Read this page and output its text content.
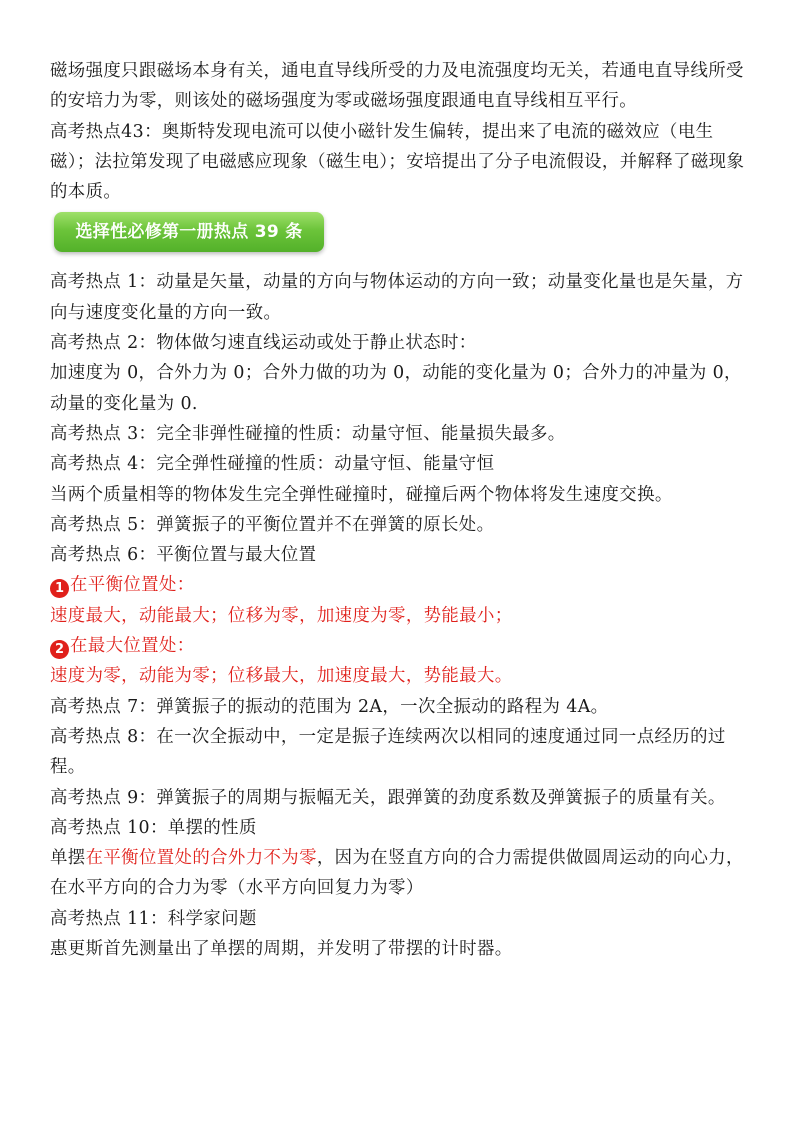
磁场强度只跟磁场本身有关，通电直导线所受的力及电流强度均无关，若通电直导线所受的安培力为零，则该处的磁场强度为零或磁场强度跟通电直导线相互平行。

高考热点43：奥斯特发现电流可以使小磁针发生偏转，提出来了电流的磁效应（电生磁）；法拉第发现了电磁感应现象（磁生电）；安培提出了分子电流假设，并解释了磁现象的本质。

选择性必修第一册热点 39 条

高考热点 1：动量是矢量，动量的方向与物体运动的方向一致；动量变化量也是矢量，方向与速度变化量的方向一致。

高考热点 2：物体做匀速直线运动或处于静止状态时：

加速度为 0，合外力为 0；合外力做的功为 0，动能的变化量为 0；合外力的冲量为 0，动量的变化量为 0.

高考热点 3：完全非弹性碰撞的性质：动量守恒、能量损失最多。

高考热点 4：完全弹性碰撞的性质：动量守恒、能量守恒

当两个质量相等的物体发生完全弹性碰撞时，碰撞后两个物体将发生速度交换。

高考热点 5：弹簧振子的平衡位置并不在弹簧的原长处。

高考热点 6：平衡位置与最大位置

1 在平衡位置处：

速度最大，动能最大；位移为零，加速度为零，势能最小；

2 在最大位置处：

速度为零，动能为零；位移最大，加速度最大，势能最大。

高考热点 7：弹簧振子的振动的范围为 2A，一次全振动的路程为 4A。

高考热点 8：在一次全振动中，一定是振子连续两次以相同的速度通过同一点经历的过程。

高考热点 9：弹簧振子的周期与振幅无关，跟弹簧的劲度系数及弹簧振子的质量有关。

高考热点 10：单摆的性质

单摆在平衡位置处的合外力不为零，因为在竖直方向的合力需提供做圆周运动的向心力，在水平方向的合力为零（水平方向回复力为零）

高考热点 11：科学家问题

惠更斯首先测量出了单摆的周期，并发明了带摆的计时器。
